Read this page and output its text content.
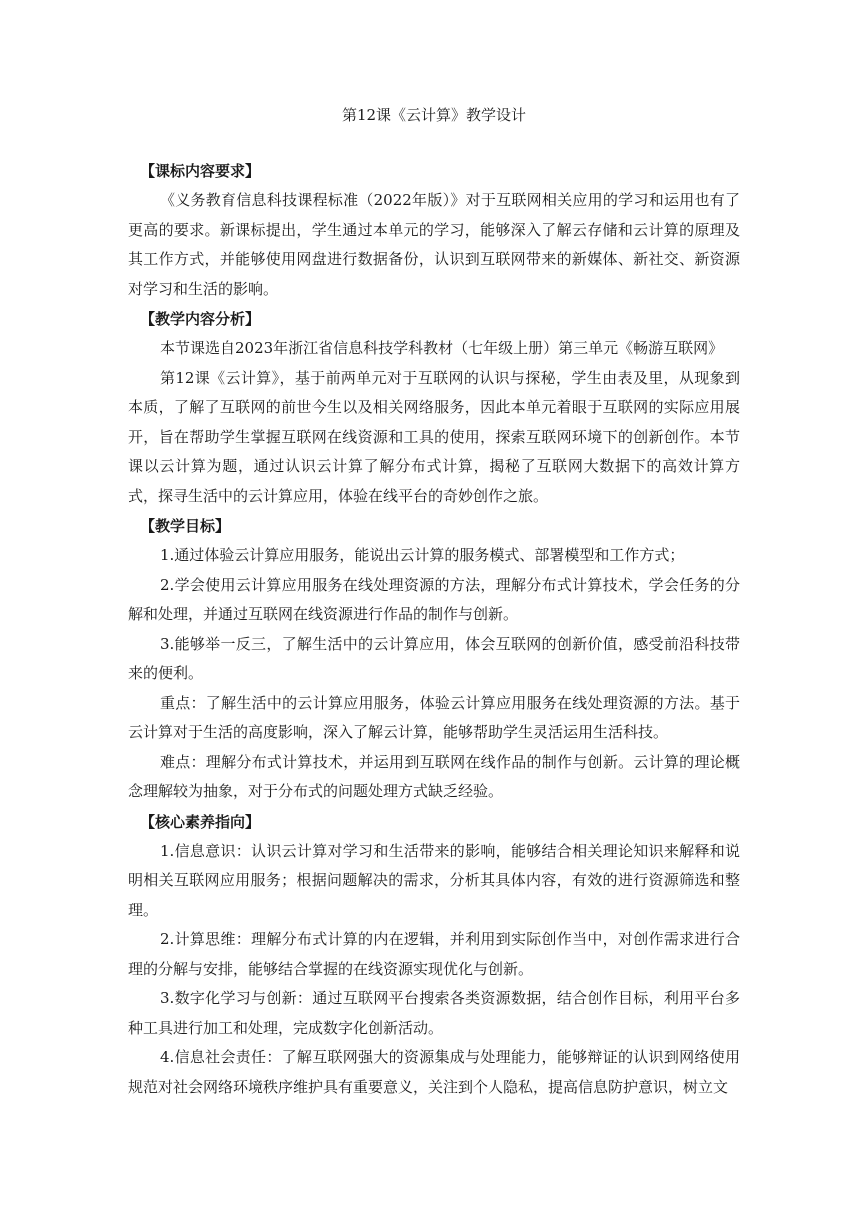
第12课《云计算》教学设计
【课标内容要求】

《义务教育信息科技课程标准（2022年版）》对于互联网相关应用的学习和运用也有了更高的要求。新课标提出，学生通过本单元的学习，能够深入了解云存储和云计算的原理及其工作方式，并能够使用网盘进行数据备份，认识到互联网带来的新媒体、新社交、新资源对学习和生活的影响。

【教学内容分析】

本节课选自2023年浙江省信息科技学科教材（七年级上册）第三单元《畅游互联网》

第12课《云计算》，基于前两单元对于互联网的认识与探秘，学生由表及里，从现象到本质，了解了互联网的前世今生以及相关网络服务，因此本单元着眼于互联网的实际应用展开，旨在帮助学生掌握互联网在线资源和工具的使用，探索互联网环境下的创新创作。本节课以云计算为题，通过认识云计算了解分布式计算，揭秘了互联网大数据下的高效计算方式，探寻生活中的云计算应用，体验在线平台的奇妙创作之旅。

【教学目标】

1.通过体验云计算应用服务，能说出云计算的服务模式、部署模型和工作方式；

2.学会使用云计算应用服务在线处理资源的方法，理解分布式计算技术，学会任务的分解和处理，并通过互联网在线资源进行作品的制作与创新。

3.能够举一反三，了解生活中的云计算应用，体会互联网的创新价值，感受前沿科技带来的便利。

重点：了解生活中的云计算应用服务，体验云计算应用服务在线处理资源的方法。基于云计算对于生活的高度影响，深入了解云计算，能够帮助学生灵活运用生活科技。

难点：理解分布式计算技术，并运用到互联网在线作品的制作与创新。云计算的理论概念理解较为抽象，对于分布式的问题处理方式缺乏经验。

【核心素养指向】

1.信息意识：认识云计算对学习和生活带来的影响，能够结合相关理论知识来解释和说明相关互联网应用服务；根据问题解决的需求，分析其具体内容，有效的进行资源筛选和整理。

2.计算思维：理解分布式计算的内在逻辑，并利用到实际创作当中，对创作需求进行合理的分解与安排，能够结合掌握的在线资源实现优化与创新。

3.数字化学习与创新：通过互联网平台搜索各类资源数据，结合创作目标，利用平台多种工具进行加工和处理，完成数字化创新活动。

4.信息社会责任：了解互联网强大的资源集成与处理能力，能够辩证的认识到网络使用规范对社会网络环境秩序维护具有重要意义，关注到个人隐私，提高信息防护意识，树立文
